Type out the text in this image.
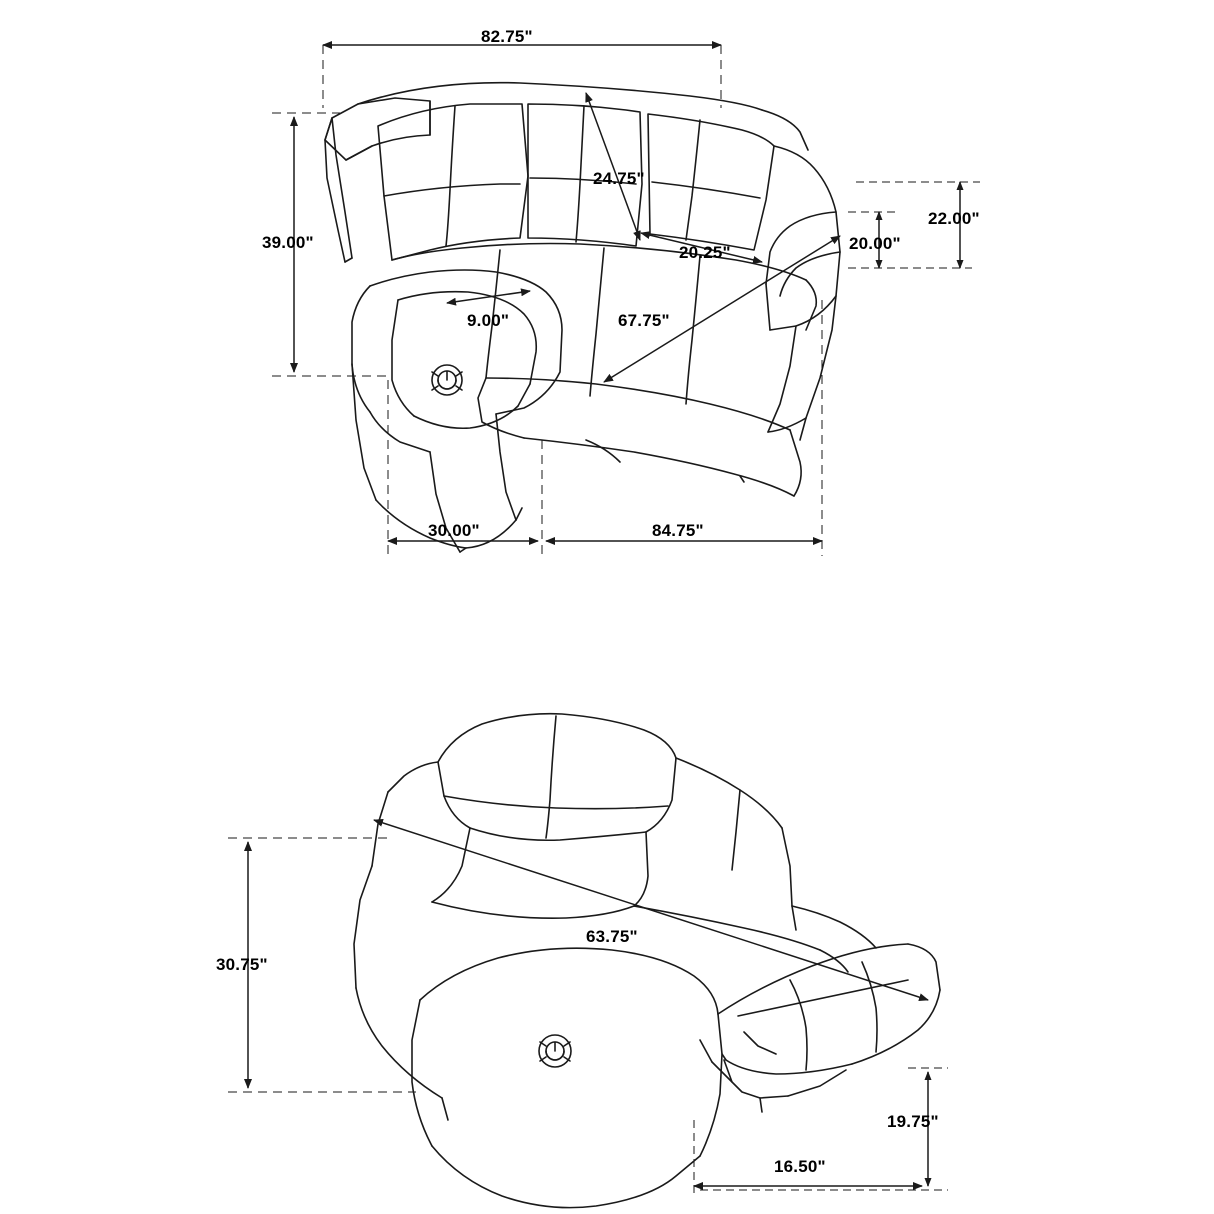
82.75"
24.75"
22.00"
20.00"
20.25"
39.00"
67.75"
9.00"
30.00"	84.75"
30.75"
63.75"
19.75"
16.50"
